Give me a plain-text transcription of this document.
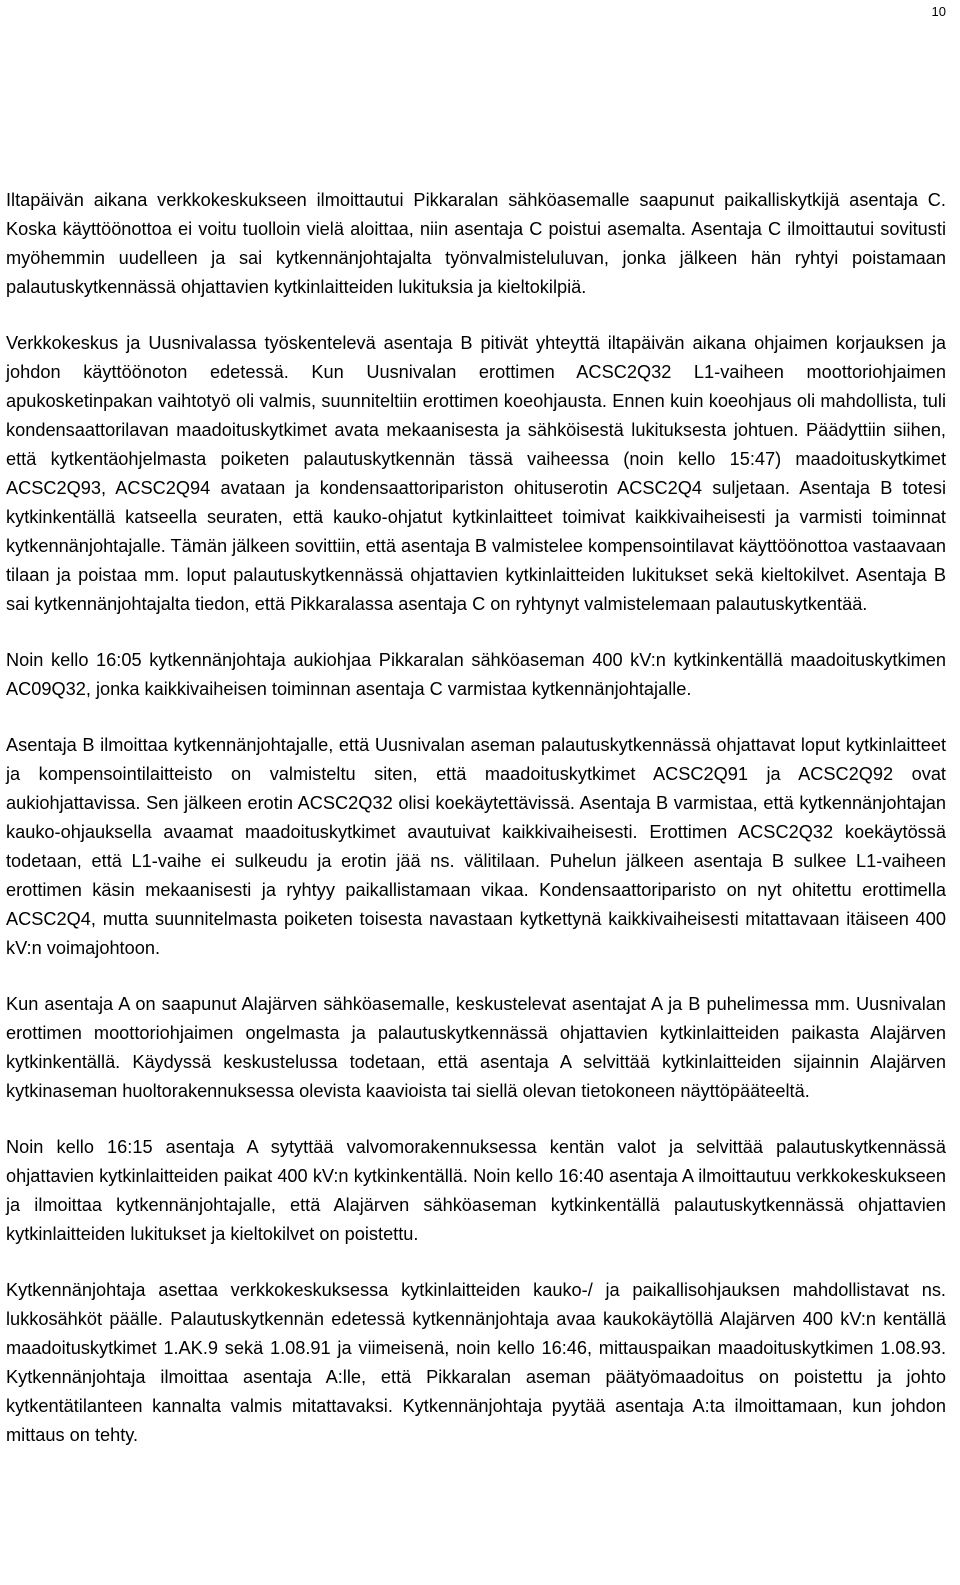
10

Iltapäivän aikana verkkokeskukseen ilmoittautui Pikkaralan sähköasemalle saapunut paikalliskytkijä asentaja C. Koska käyttöönottoa ei voitu tuolloin vielä aloittaa, niin asentaja C poistui asemalta. Asentaja C ilmoittautui sovitusti myöhemmin uudelleen ja sai kytkennänjohtajalta työnvalmisteluluvan, jonka jälkeen hän ryhtyi poistamaan palautuskytkennässä ohjattavien kytkinlaitteiden lukituksia ja kieltokilpiä.

Verkkokeskus ja Uusnivalassa työskentelevä asentaja B pitivät yhteyttä iltapäivän aikana ohjaimen korjauksen ja johdon käyttöönoton edetessä. Kun Uusnivalan erottimen ACSC2Q32 L1-vaiheen moottoriohjaimen apukosketinpakan vaihtotyö oli valmis, suunniteltiin erottimen koeohjausta. Ennen kuin koeohjaus oli mahdollista, tuli kondensaattorilavan maadoituskytkimet avata mekaanisesta ja sähköisestä lukituksesta johtuen. Päädyttiin siihen, että kytkentäohjelmasta poiketen palautuskytkennän tässä vaiheessa (noin kello 15:47) maadoituskytkimet ACSC2Q93, ACSC2Q94 avataan ja kondensaattoripariston ohituserotin ACSC2Q4 suljetaan. Asentaja B totesi kytkinkentällä katseella seuraten, että kauko-ohjatut kytkinlaitteet toimivat kaikkivaiheisesti ja varmisti toiminnat kytkennänjohtajalle. Tämän jälkeen sovittiin, että asentaja B valmistelee kompensointilavat käyttöönottoa vastaavaan tilaan ja poistaa mm. loput palautuskytkennässä ohjattavien kytkinlaitteiden lukitukset sekä kieltokilvet. Asentaja B sai kytkennänjohtajalta tiedon, että Pikkaralassa asentaja C on ryhtynyt valmistelemaan palautuskytkentää.

Noin kello 16:05 kytkennänjohtaja aukiohjaa Pikkaralan sähköaseman 400 kV:n kytkinkentällä maadoituskytkimen AC09Q32, jonka kaikkivaiheisen toiminnan asentaja C varmistaa kytkennänjohtajalle.

Asentaja B ilmoittaa kytkennänjohtajalle, että Uusnivalan aseman palautuskytkennässä ohjattavat loput kytkinlaitteet ja kompensointilaitteisto on valmisteltu siten, että maadoituskytkimet ACSC2Q91 ja ACSC2Q92 ovat aukiohjattavissa. Sen jälkeen erotin ACSC2Q32 olisi koekäytettävissä. Asentaja B varmistaa, että kytkennänjohtajan kauko-ohjauksella avaamat maadoituskytkimet avautuivat kaikkivaiheisesti. Erottimen ACSC2Q32 koekäytössä todetaan, että L1-vaihe ei sulkeudu ja erotin jää ns. välitilaan. Puhelun jälkeen asentaja B sulkee L1-vaiheen erottimen käsin mekaanisesti ja ryhtyy paikallistamaan vikaa. Kondensaattoriparisto on nyt ohitettu erottimella ACSC2Q4, mutta suunnitelmasta poiketen toisesta navastaan kytkettynä kaikkivaiheisesti mitattavaan itäiseen 400 kV:n voimajohtoon.

Kun asentaja A on saapunut Alajärven sähköasemalle, keskustelevat asentajat A ja B puhelimessa mm. Uusnivalan erottimen moottoriohjaimen ongelmasta ja palautuskytkennässä ohjattavien kytkinlaitteiden paikasta Alajärven kytkinkentällä. Käydyssä keskustelussa todetaan, että asentaja A selvittää kytkinlaitteiden sijainnin Alajärven kytkinaseman huoltorakennuksessa olevista kaavioista tai siellä olevan tietokoneen näyttöpääteeltä.

Noin kello 16:15 asentaja A sytyttää valvomorakennuksessa kentän valot ja selvittää palautuskytkennässä ohjattavien kytkinlaitteiden paikat 400 kV:n kytkinkentällä. Noin kello 16:40 asentaja A ilmoittautuu verkkokeskukseen ja ilmoittaa kytkennänjohtajalle, että Alajärven sähköaseman kytkinkentällä palautuskytkennässä ohjattavien kytkinlaitteiden lukitukset ja kieltokilvet on poistettu.

Kytkennänjohtaja asettaa verkkokeskuksessa kytkinlaitteiden kauko-/ ja paikallisohjauksen mahdollistavat ns. lukkosähköt päälle. Palautuskytkennän edetessä kytkennänjohtaja avaa kaukokäytöllä Alajärven 400 kV:n kentällä maadoituskytkimet 1.AK.9 sekä 1.08.91 ja viimeisenä, noin kello 16:46, mittauspaikan maadoituskytkimen 1.08.93. Kytkennänjohtaja ilmoittaa asentaja A:lle, että Pikkaralan aseman päätyömaadoitus on poistettu ja johto kytkentätilanteen kannalta valmis mitattavaksi. Kytkennänjohtaja pyytää asentaja A:ta ilmoittamaan, kun johdon mittaus on tehty.
